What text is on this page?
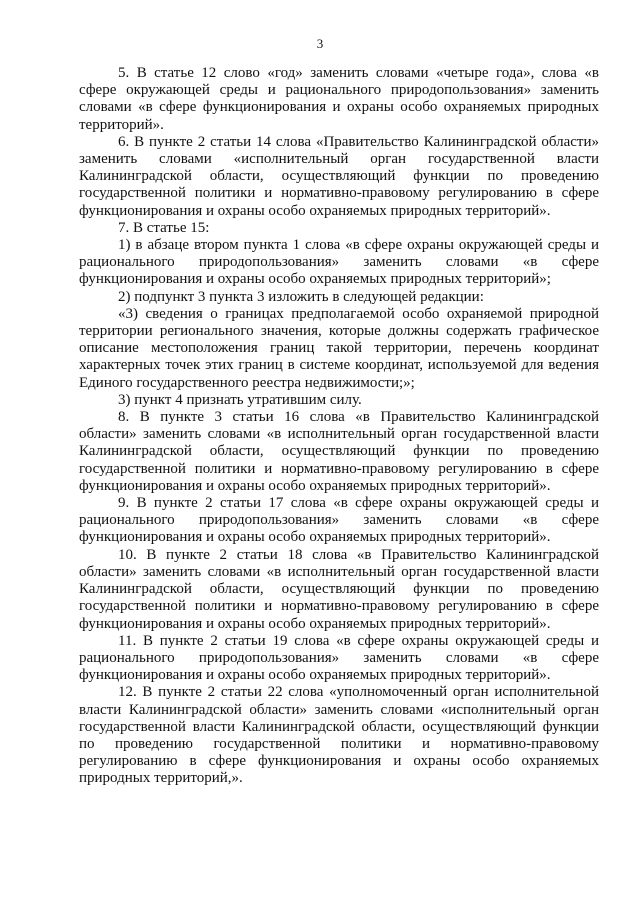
3

5. В статье 12 слово «год» заменить словами «четыре года», слова «в сфере окружающей среды и рационального природопользования» заменить словами «в сфере функционирования и охраны особо охраняемых природных территорий».

6. В пункте 2 статьи 14 слова «Правительство Калининградской области» заменить словами «исполнительный орган государственной власти Калининградской области, осуществляющий функции по проведению государственной политики и нормативно-правовому регулированию в сфере функционирования и охраны особо охраняемых природных территорий».

7. В статье 15:

1) в абзаце втором пункта 1 слова «в сфере охраны окружающей среды и рационального природопользования» заменить словами «в сфере функционирования и охраны особо охраняемых природных территорий»;

2) подпункт 3 пункта 3 изложить в следующей редакции:

«3) сведения о границах предполагаемой особо охраняемой природной территории регионального значения, которые должны содержать графическое описание местоположения границ такой территории, перечень координат характерных точек этих границ в системе координат, используемой для ведения Единого государственного реестра недвижимости;»;

3) пункт 4 признать утратившим силу.

8. В пункте 3 статьи 16 слова «в Правительство Калининградской области» заменить словами «в исполнительный орган государственной власти Калининградской области, осуществляющий функции по проведению государственной политики и нормативно-правовому регулированию в сфере функционирования и охраны особо охраняемых природных территорий».

9. В пункте 2 статьи 17 слова «в сфере охраны окружающей среды и рационального природопользования» заменить словами «в сфере функционирования и охраны особо охраняемых природных территорий».

10. В пункте 2 статьи 18 слова «в Правительство Калининградской области» заменить словами «в исполнительный орган государственной власти Калининградской области, осуществляющий функции по проведению государственной политики и нормативно-правовому регулированию в сфере функционирования и охраны особо охраняемых природных территорий».

11. В пункте 2 статьи 19 слова «в сфере охраны окружающей среды и рационального природопользования» заменить словами «в сфере функционирования и охраны особо охраняемых природных территорий».

12. В пункте 2 статьи 22 слова «уполномоченный орган исполнительной власти Калининградской области» заменить словами «исполнительный орган государственной власти Калининградской области, осуществляющий функции по проведению государственной политики и нормативно-правовому регулированию в сфере функционирования и охраны особо охраняемых природных территорий,».
